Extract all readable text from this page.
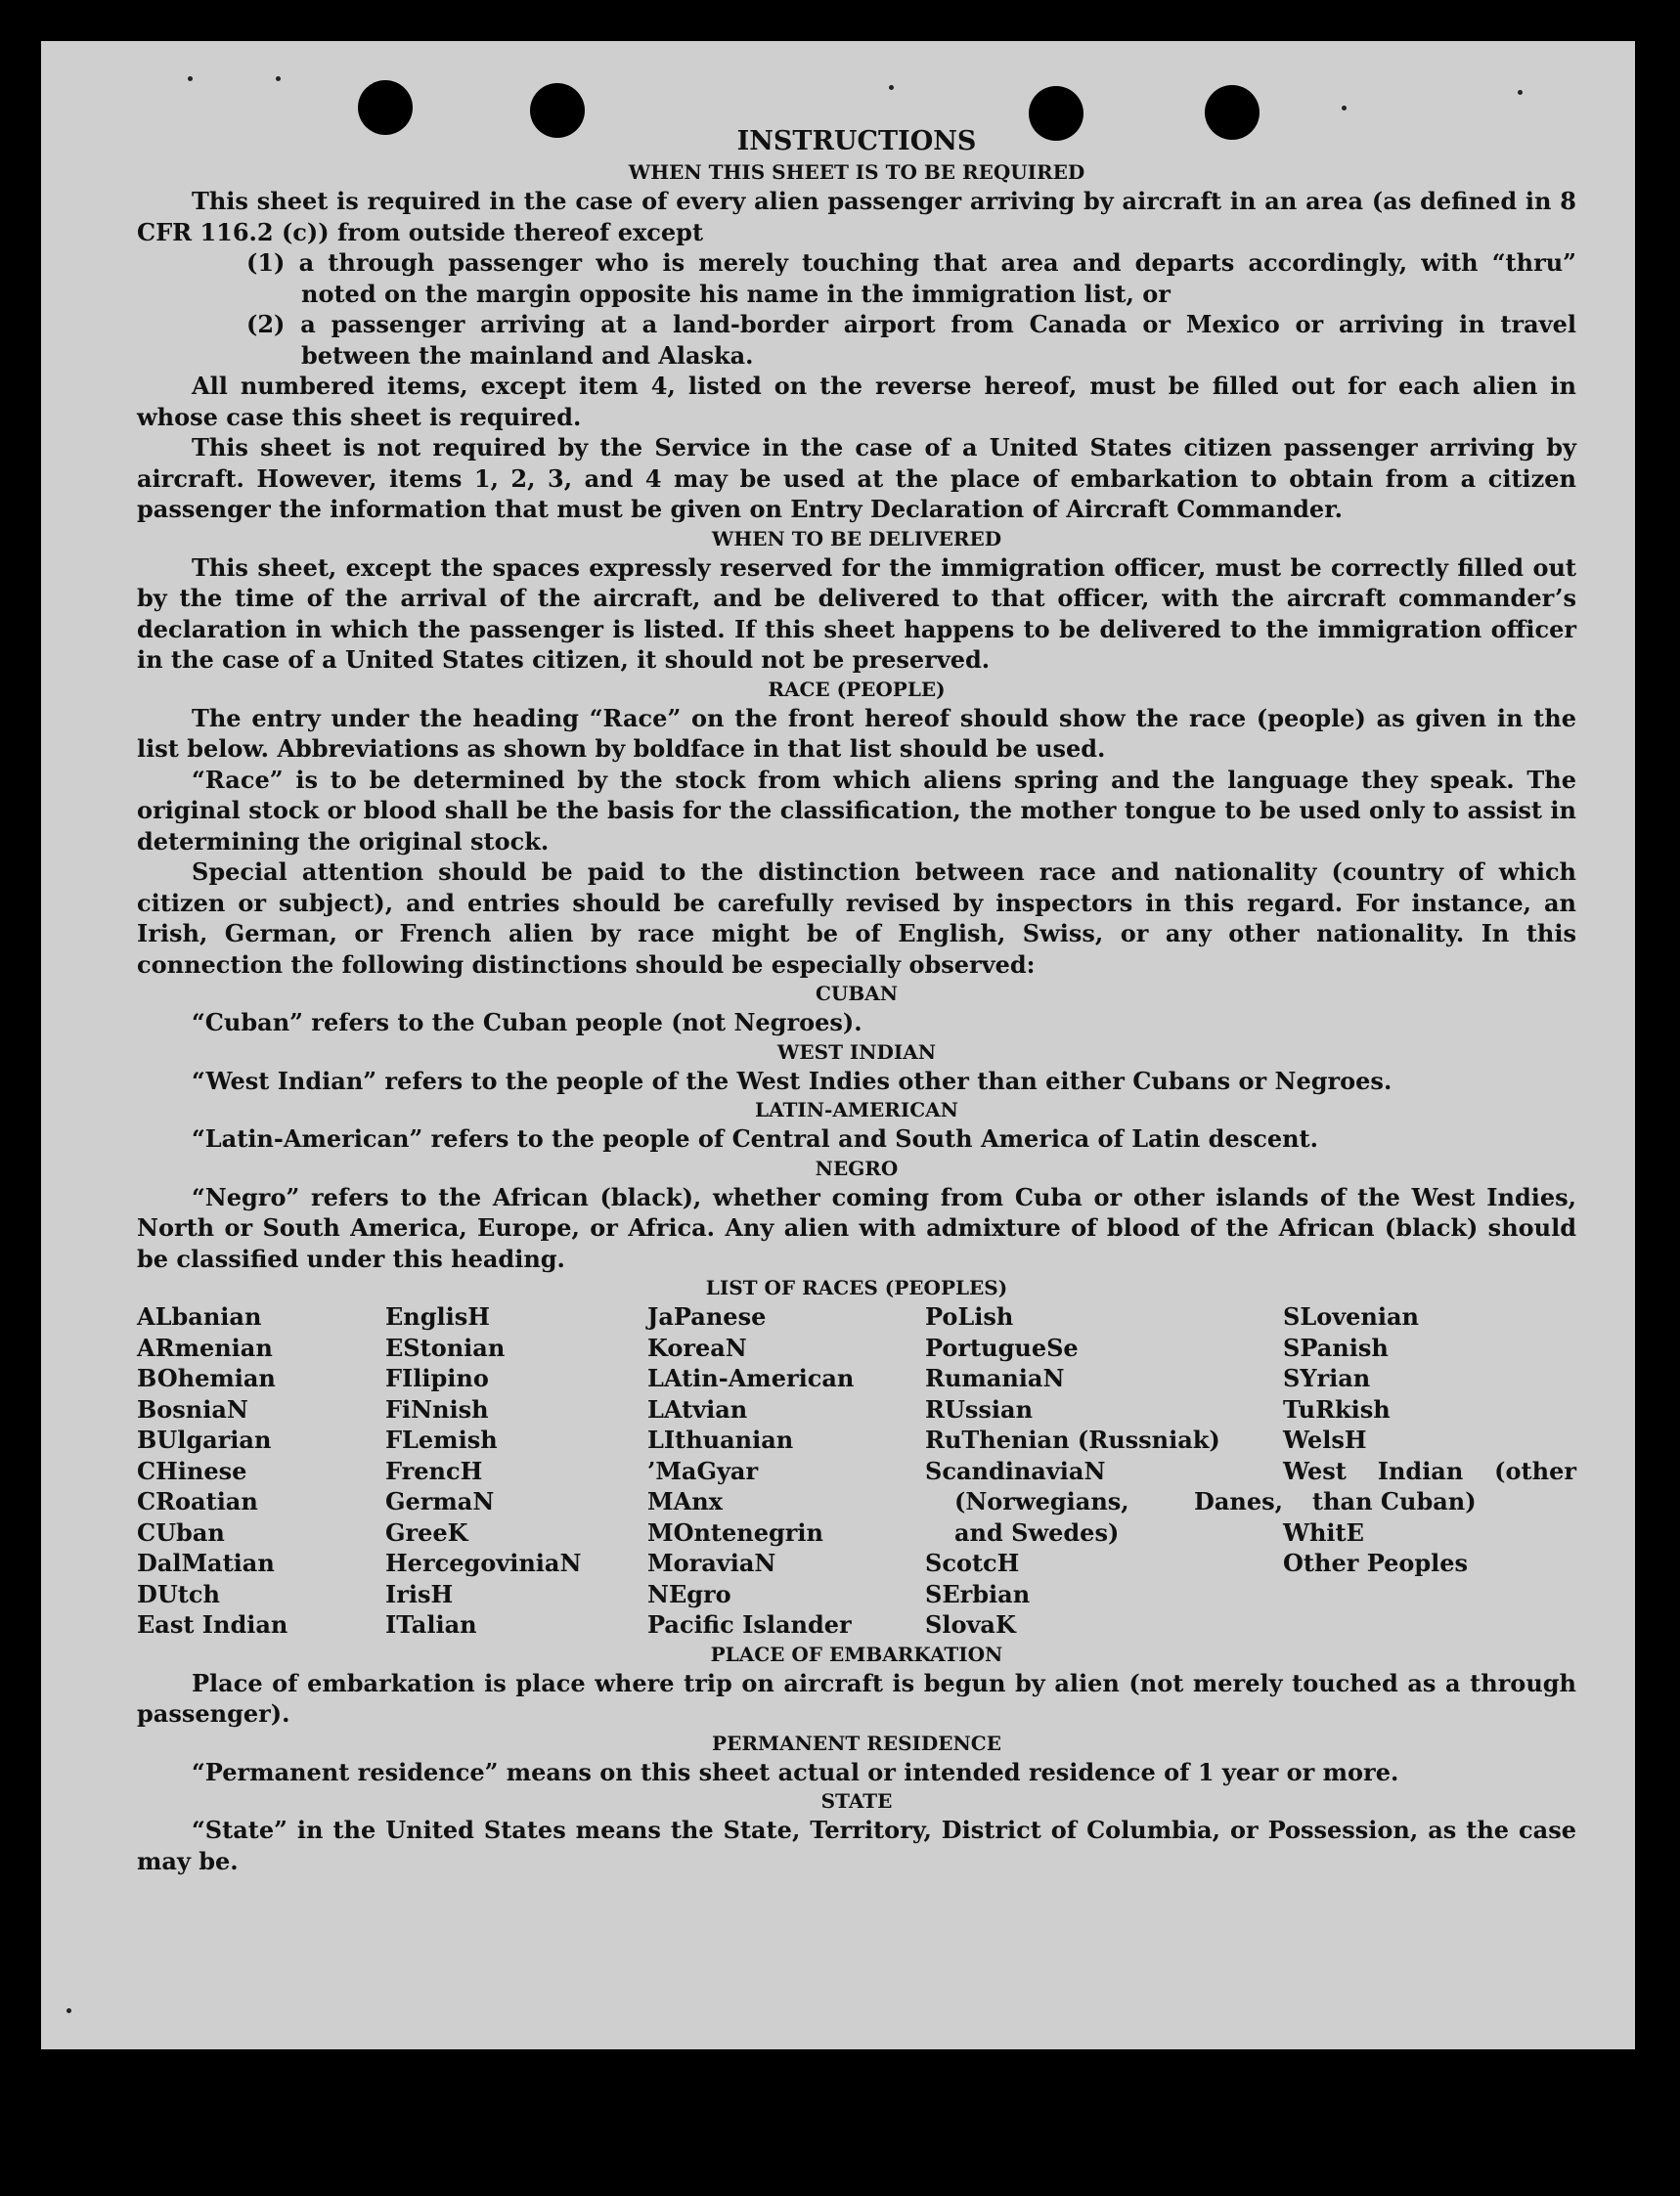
INSTRUCTIONS
WHEN THIS SHEET IS TO BE REQUIRED

This sheet is required in the case of every alien passenger arriving by aircraft in an area (as defined in 8 CFR 116.2 (c)) from outside thereof except

(1) a through passenger who is merely touching that area and departs accordingly, with “thru” noted on the margin opposite his name in the immigration list, or

(2) a passenger arriving at a land-border airport from Canada or Mexico or arriving in travel between the mainland and Alaska.

All numbered items, except item 4, listed on the reverse hereof, must be filled out for each alien in whose case this sheet is required.

This sheet is not required by the Service in the case of a United States citizen passenger arriving by aircraft. However, items 1, 2, 3, and 4 may be used at the place of embarkation to obtain from a citizen passenger the information that must be given on Entry Declaration of Aircraft Commander.

WHEN TO BE DELIVERED

This sheet, except the spaces expressly reserved for the immigration officer, must be correctly filled out by the time of the arrival of the aircraft, and be delivered to that officer, with the aircraft commander’s declaration in which the passenger is listed. If this sheet happens to be delivered to the immigration officer in the case of a United States citizen, it should not be preserved.

RACE (PEOPLE)

The entry under the heading “Race” on the front hereof should show the race (people) as given in the list below. Abbreviations as shown by boldface in that list should be used.

“Race” is to be determined by the stock from which aliens spring and the language they speak. The original stock or blood shall be the basis for the classification, the mother tongue to be used only to assist in determining the original stock.

Special attention should be paid to the distinction between race and nationality (country of which citizen or subject), and entries should be carefully revised by inspectors in this regard. For instance, an Irish, German, or French alien by race might be of English, Swiss, or any other nationality. In this connection the following distinctions should be especially observed:

CUBAN

“Cuban” refers to the Cuban people (not Negroes).

WEST INDIAN

“West Indian” refers to the people of the West Indies other than either Cubans or Negroes.

LATIN-AMERICAN

“Latin-American” refers to the people of Central and South America of Latin descent.

NEGRO

“Negro” refers to the African (black), whether coming from Cuba or other islands of the West Indies, North or South America, Europe, or Africa. Any alien with admixture of blood of the African (black) should be classified under this heading.

LIST OF RACES (PEOPLES)
ALbanian
ARmenian
BOhemian
BosniaN
BUlgarian
CHinese
CRoatian
CUban
DalMatian
DUtch
East Indian
EnglisH
EStonian
FIlipino
FiNnish
FLemish
FrencH
GermaN
GreeK
HercegoviniaN
IrisH
ITalian
JaPanese
KoreaN
LAtin-American
LAtvian
LIthuanian
’MaGyar
MAnx
MOntenegrin
MoraviaN
NEgro
Pacific Islander
PoLish
PortugueSe
RumaniaN
RUssian
RuThenian (Russniak)
ScandinaviaN (Norwegians, Danes, and Swedes)
ScotcH
SErbian
SlovaK
SLovenian
SPanish
SYrian
TuRkish
WelsH
West Indian (other than Cuban)
WhitE
Other Peoples
PLACE OF EMBARKATION

Place of embarkation is place where trip on aircraft is begun by alien (not merely touched as a through passenger).

PERMANENT RESIDENCE

“Permanent residence” means on this sheet actual or intended residence of 1 year or more.

STATE

“State” in the United States means the State, Territory, District of Columbia, or Possession, as the case may be.
